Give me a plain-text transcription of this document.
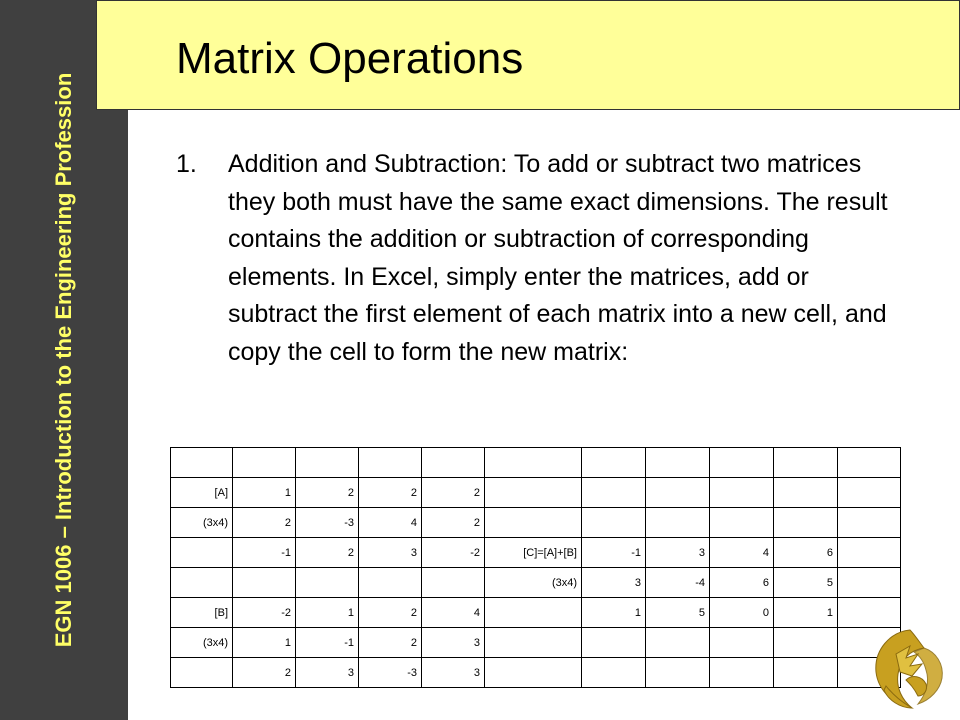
EGN 1006 – Introduction to the Engineering Profession
Matrix Operations
1.	Addition and Subtraction: To add or subtract two matrices they both must have the same exact dimensions. The result contains the addition or subtraction of corresponding elements. In Excel, simply enter the matrices, add or subtract the first element of each matrix into a new cell, and copy the cell to form the new matrix:

[A]	1	2	2	2						
(3x4)	2	-3	4	2						
	-1	2	3	-2	[C]=[A]+[B]	-1	3	4	6	
					(3x4)	3	-4	6	5	
[B]	-2	1	2	4		1	5	0	1	
(3x4)	1	-1	2	3						
	2	3	-3	3						
